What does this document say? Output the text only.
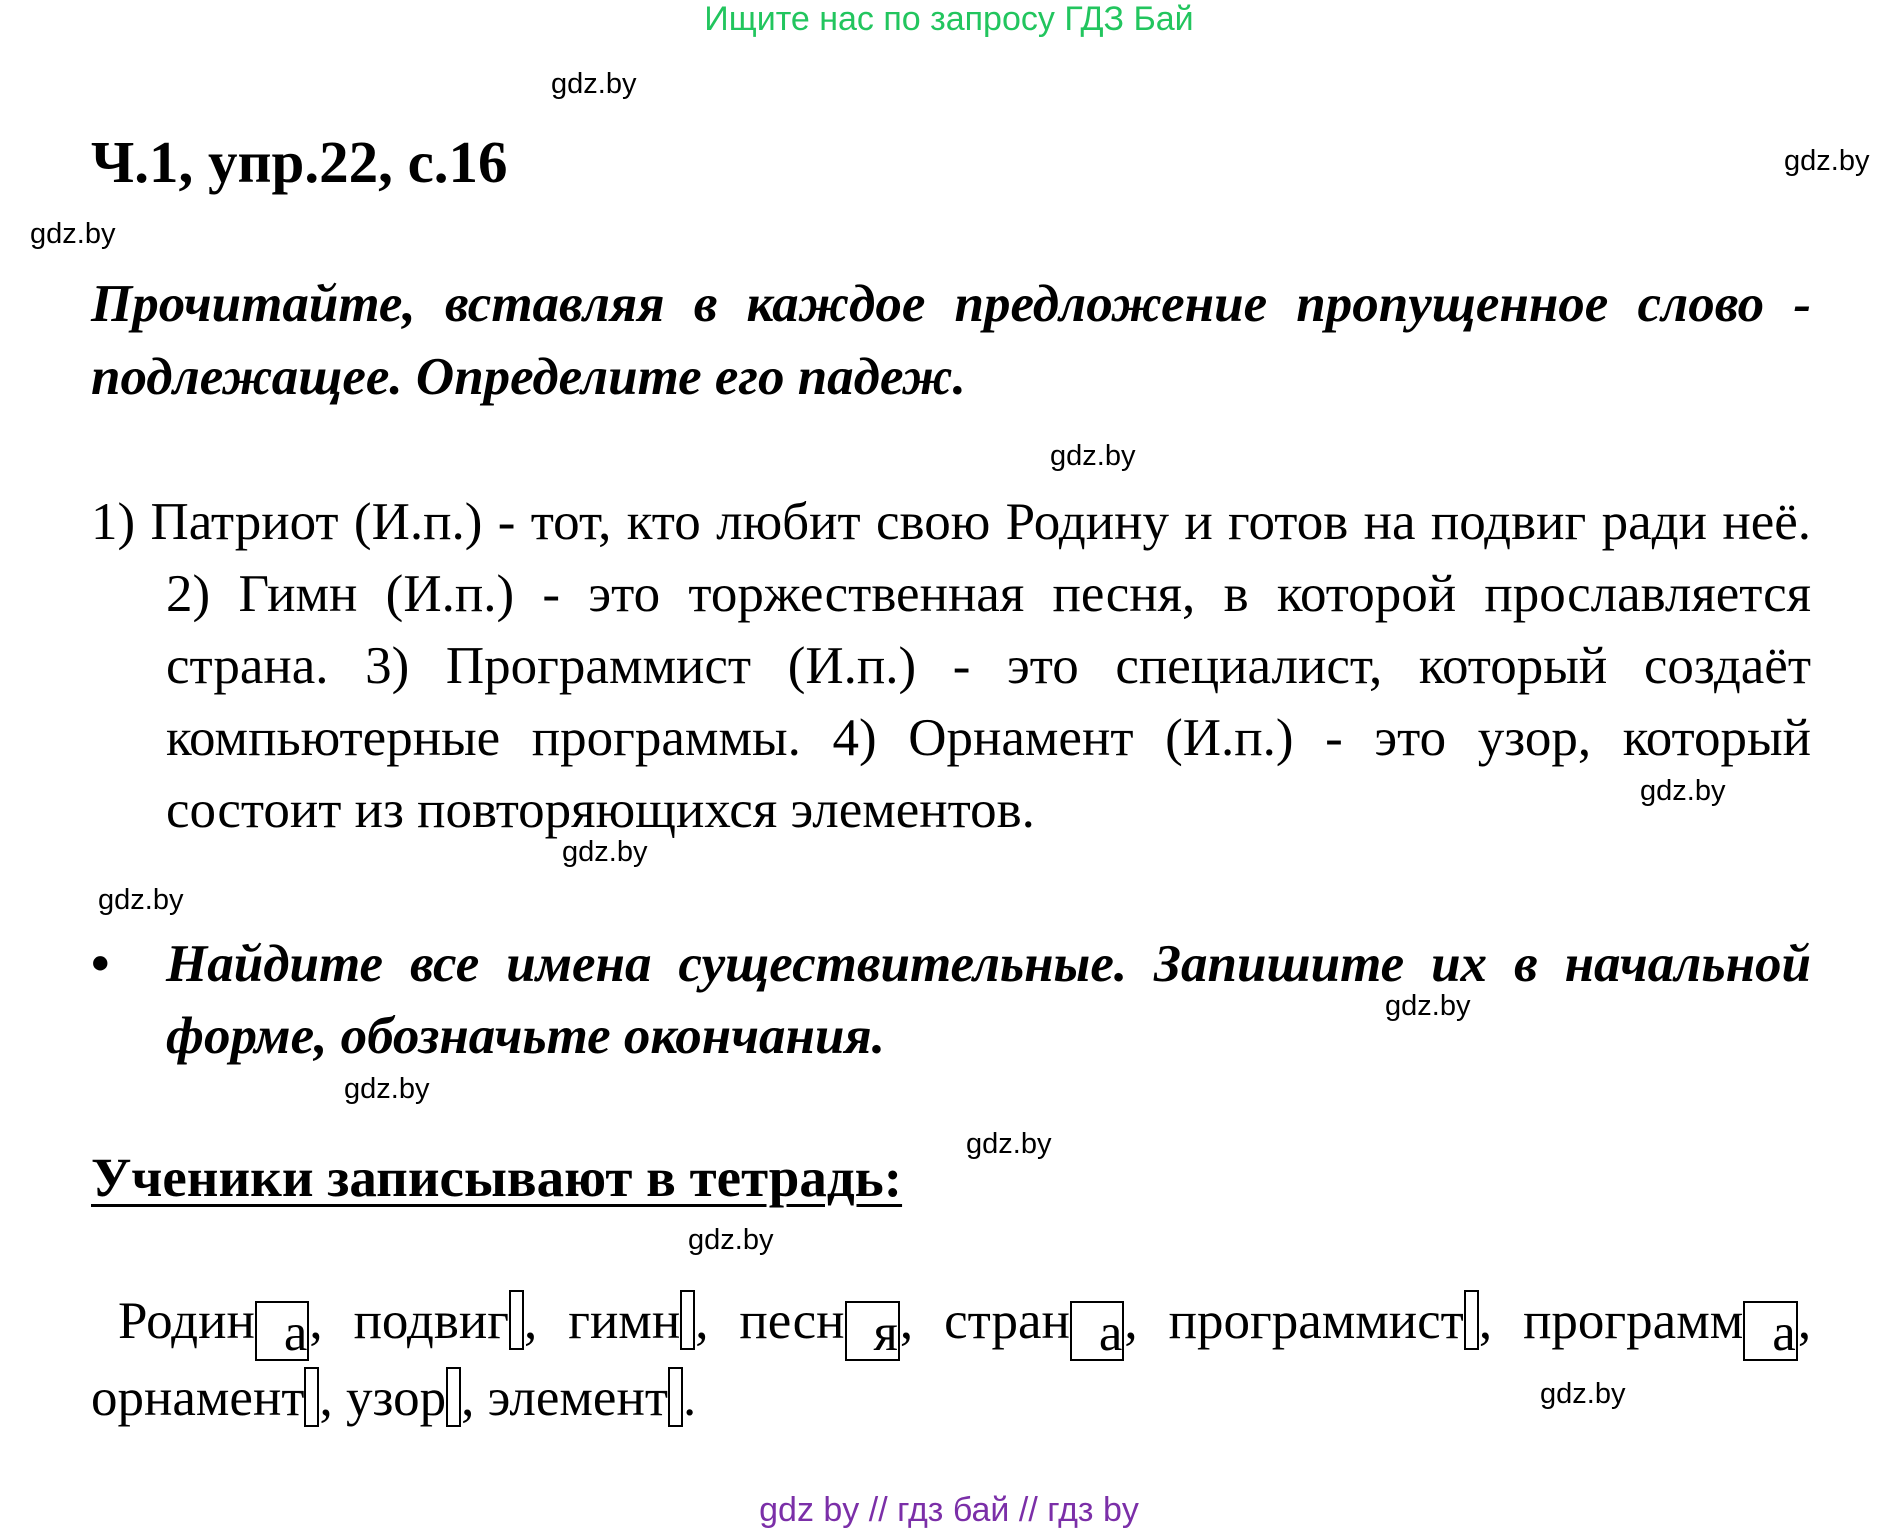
Ищите нас по запросу ГДЗ Бай
gdz.by
gdz.by
gdz.by
gdz.by
gdz.by
gdz.by
gdz.by
gdz.by
gdz.by
gdz.by
gdz.by
gdz.by
Ч.1, упр.22, с.16

Прочитайте, вставляя в каждое предложение пропущенное слово - подлежащее. Определите его падеж.

1) Патриот (И.п.) - тот, кто любит свою Родину и готов на подвиг ради неё. 2) Гимн (И.п.) - это торжественная песня, в которой прославляется страна. 3) Программист (И.п.) - это специалист, который создаёт компьютерные программы. 4) Орнамент (И.п.) - это узор, который состоит из повторяющихся элементов.

• Найдите все имена существительные. Запишите их в начальной форме, обозначьте окончания.
Ученики записывают в тетрадь:

Родин а, подвиг , гимн , песн я, стран а, программист , программ а, орнамент , узор , элемент .

gdz by // гдз бай // гдз by
